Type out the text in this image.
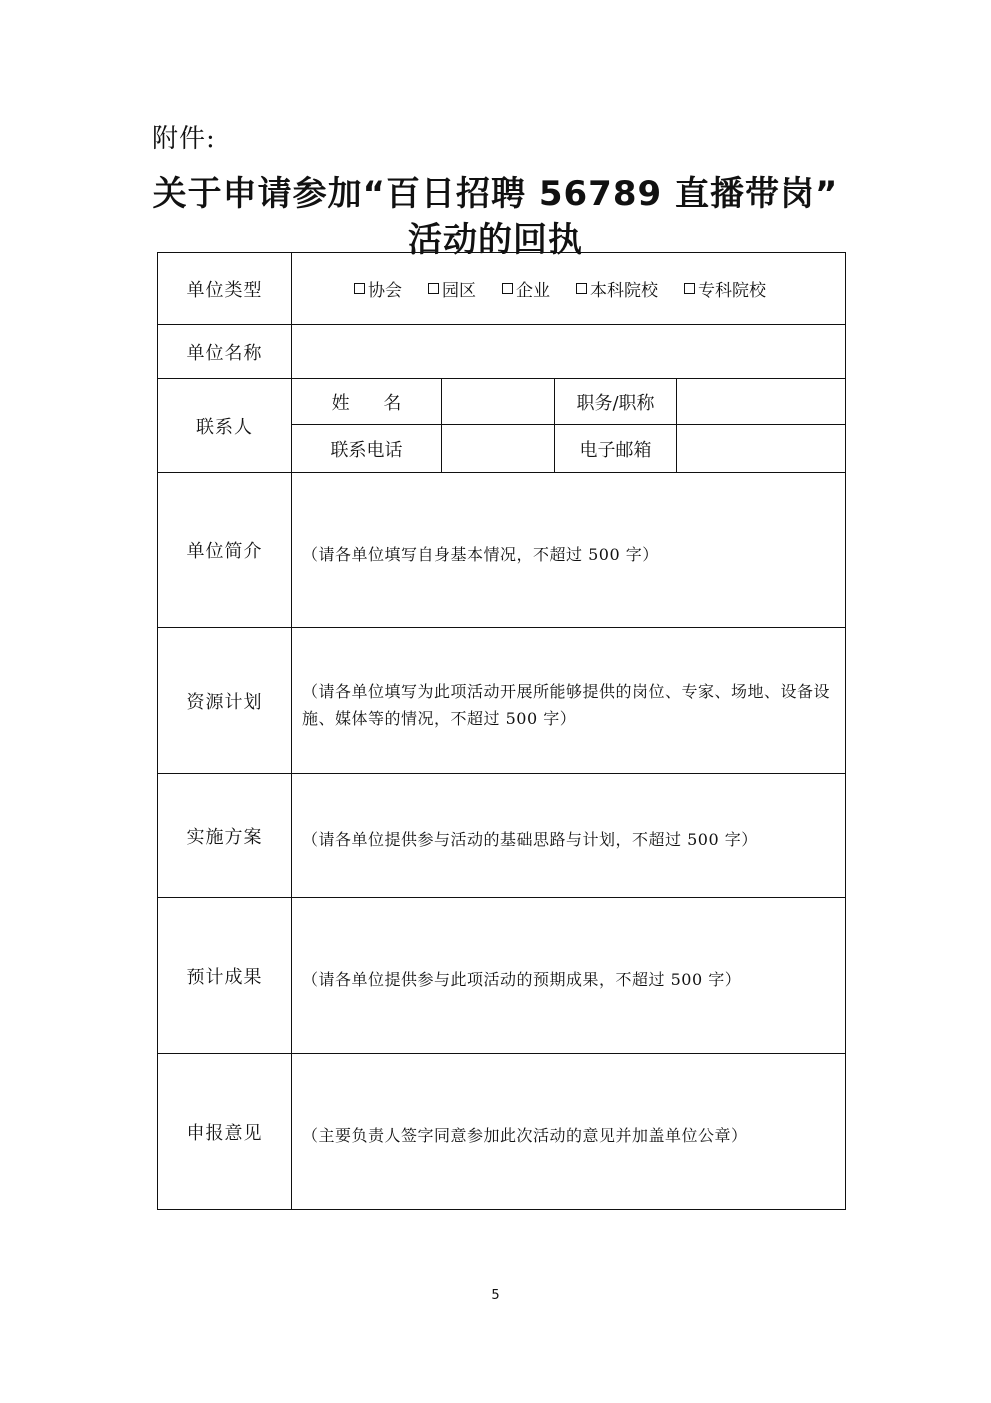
附件:
关于申请参加“百日招聘 56789 直播带岗”
活动的回执
单位类型	协会 园区 企业 本科院校 专科院校			

单位名称				
联系人	姓 名		职务/职称	
	联系电话		电子邮箱	
单位简介	（请各单位填写自身基本情况，不超过 500 字）			

资源计划	（请各单位填写为此项活动开展所能够提供的岗位、专家、场地、设备设施、媒体等的情况，不超过 500 字）			

实施方案	（请各单位提供参与活动的基础思路与计划，不超过 500 字）			

预计成果	（请各单位提供参与此项活动的预期成果，不超过 500 字）			

申报意见	（主要负责人签字同意参加此次活动的意见并加盖单位公章）			
5
